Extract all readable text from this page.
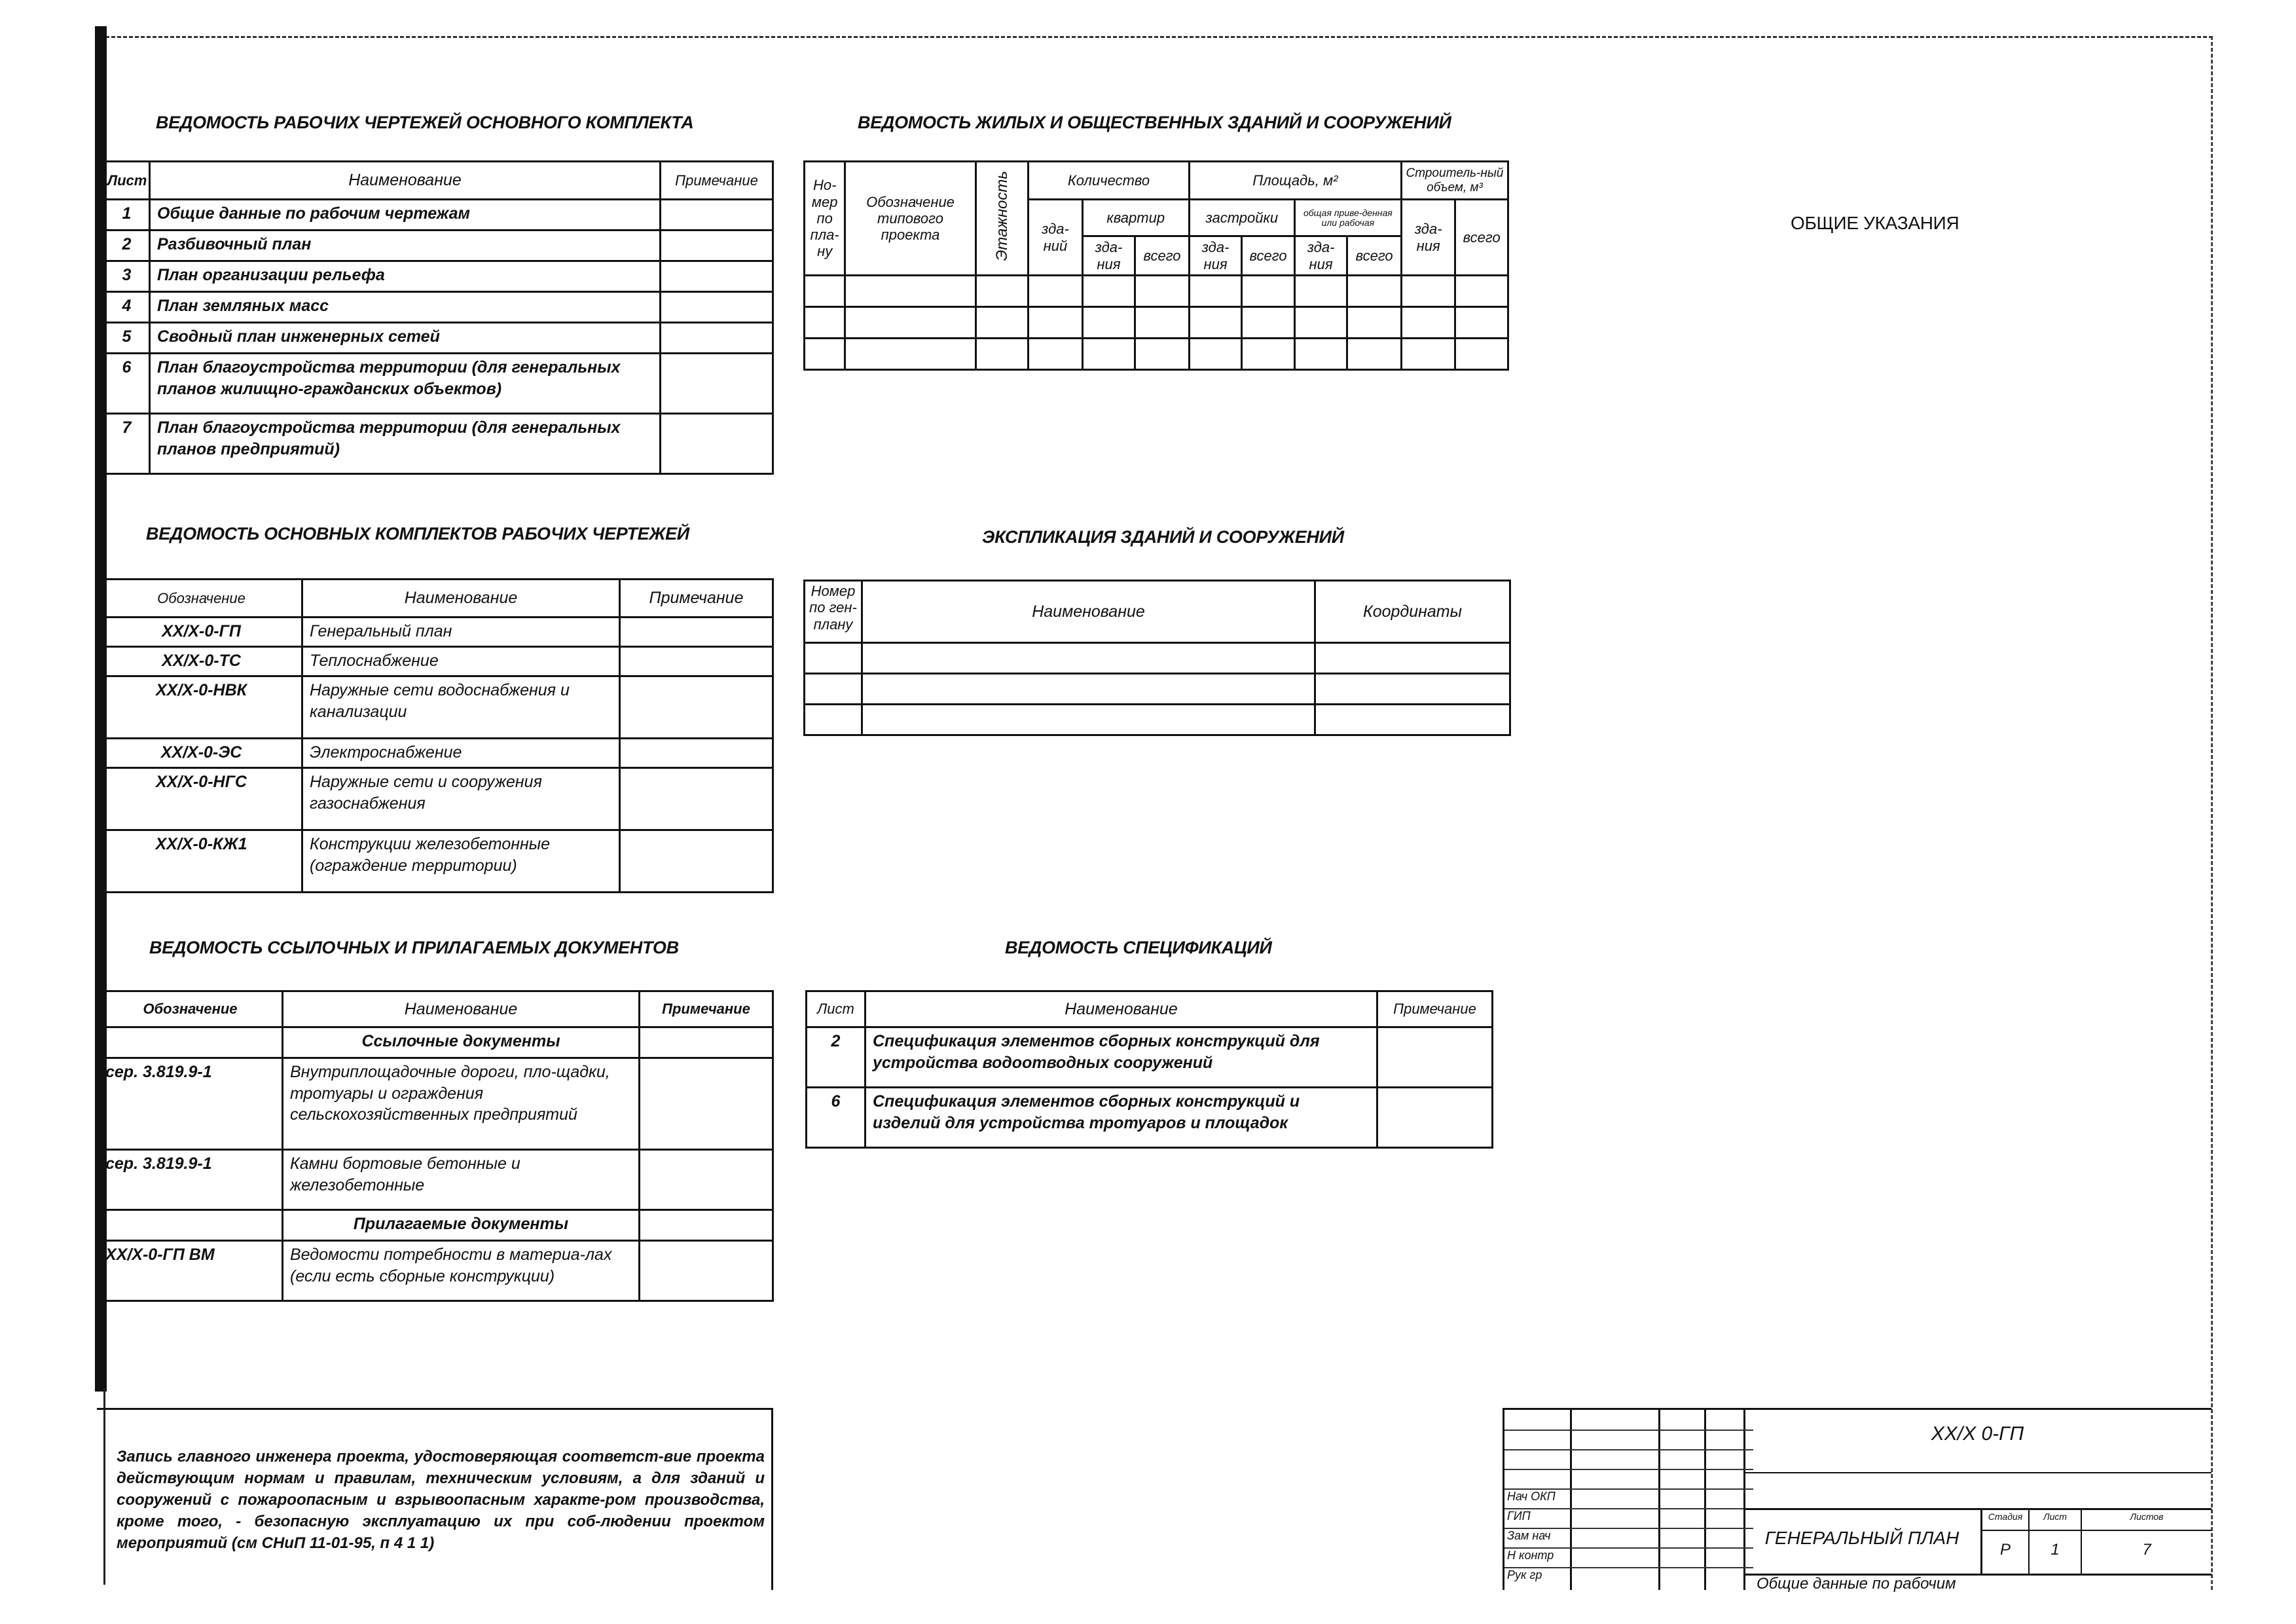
ВЕДОМОСТЬ РАБОЧИХ ЧЕРТЕЖЕЙ ОСНОВНОГО КОМПЛЕКТА
Лист	Наименование	Примечание
1	Общие данные по рабочим чертежам	
2	Разбивочный план	
3	План организации рельефа	
4	План земляных масс	
5	Сводный план инженерных сетей	
6	План благоустройства территории (для генеральных планов жилищно-гражданских объектов)	
7	План благоустройства территории (для генеральных планов предприятий)	
ВЕДОМОСТЬ ЖИЛЫХ И ОБЩЕСТВЕННЫХ ЗДАНИЙ И СООРУЖЕНИЙ
Но-мер по пла-ну	Обозначение типового проекта	Этажность	Количество			Площадь, м²				Строитель-ный объем, м³	
			зда-ний	квартир		застройки		общая приве-денная или рабочая		зда-ния	всего
				зда-ния	всего	зда-ния	всего	зда-ния	всего		

ОБЩИЕ УКАЗАНИЯ
ВЕДОМОСТЬ ОСНОВНЫХ КОМПЛЕКТОВ РАБОЧИХ ЧЕРТЕЖЕЙ
Обозначение	Наименование	Примечание
ХХ/Х-0-ГП	Генеральный план	
ХХ/Х-0-ТС	Теплоснабжение	
ХХ/Х-0-НВК	Наружные сети водоснабжения и канализации	
ХХ/Х-0-ЭС	Электроснабжение	
ХХ/Х-0-НГС	Наружные сети и сооружения газоснабжения	
ХХ/Х-0-КЖ1	Конструкции железобетонные (ограждение территории)	
ЭКСПЛИКАЦИЯ ЗДАНИЙ И СООРУЖЕНИЙ
Номер по ген-плану	Наименование	Координаты

ВЕДОМОСТЬ ССЫЛОЧНЫХ И ПРИЛАГАЕМЫХ ДОКУМЕНТОВ
Обозначение	Наименование	Примечание
	Ссылочные документы	
сер. 3.819.9-1	Внутриплощадочные дороги, пло-щадки, тротуары и ограждения сельскохозяйственных предприятий	
сер. 3.819.9-1	Камни бортовые бетонные и железобетонные	
	Прилагаемые документы	
ХХ/Х-0-ГП ВМ	Ведомости потребности в материа-лах (если есть сборные конструкции)	
ВЕДОМОСТЬ СПЕЦИФИКАЦИЙ
Лист	Наименование	Примечание
2	Спецификация элементов сборных конструкций для устройства водоотводных сооружений	
6	Спецификация элементов сборных конструкций и изделий для устройства тротуаров и площадок	
Запись главного инженера проекта, удостоверяющая соответст-вие проекта действующим нормам и правилам, техническим условиям, а для зданий и сооружений с пожароопасным и взрывоопасным характе-ром производства, кроме того, - безопасную эксплуатацию их при соб-людении проектом мероприятий (см СНиП 11-01-95, п 4 1 1)
Нач ОКП
ГИП
Зам нач
Н контр
Рук гр
ХХ/Х 0-ГП
ГЕНЕРАЛЬНЫЙ ПЛАН
Общие данные по рабочим
Стадия	Лист	Листов
Р	1	7
